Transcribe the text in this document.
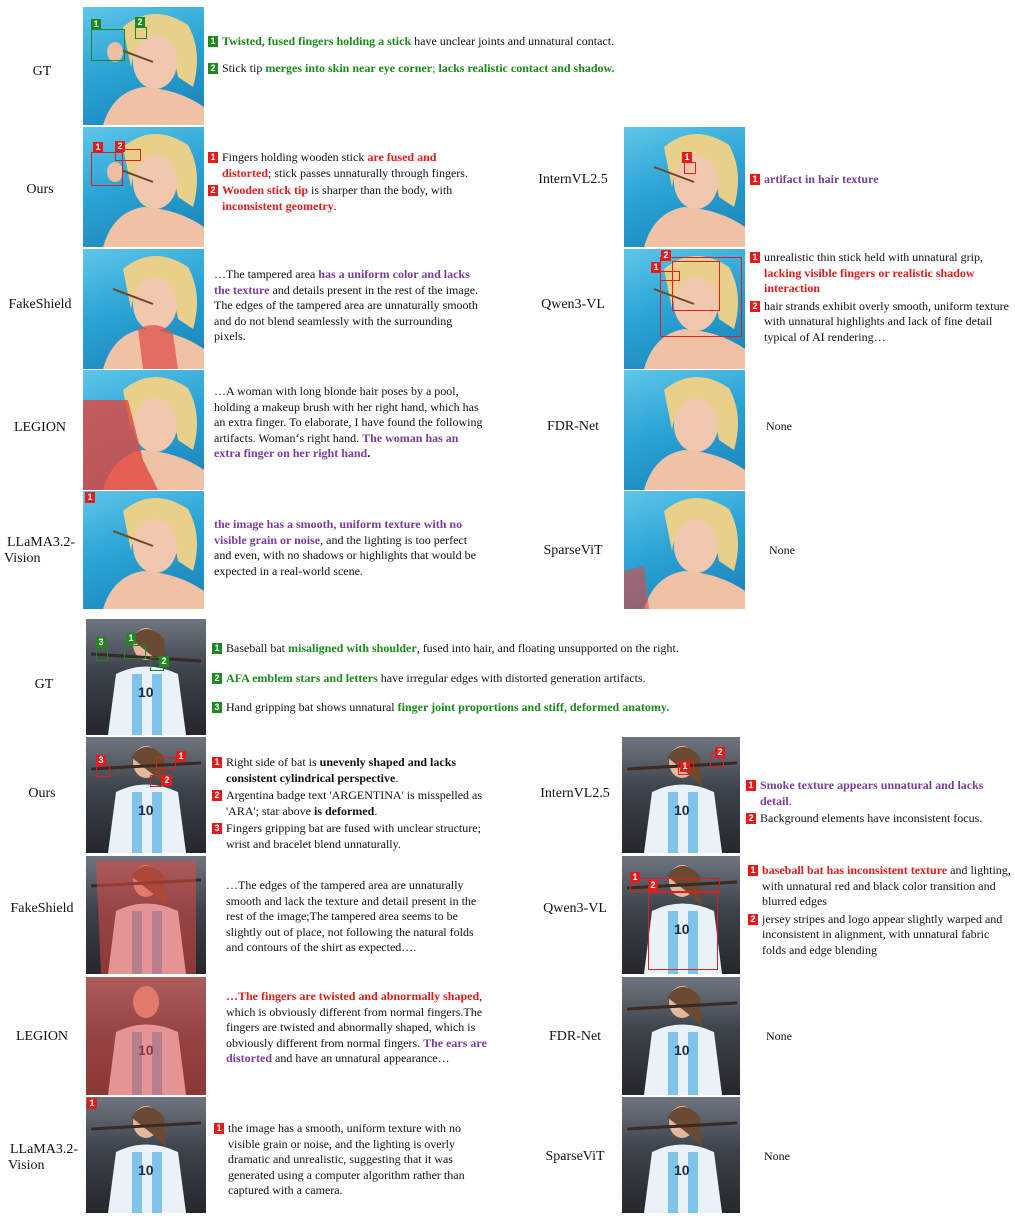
GT
Ours
FakeShield
LEGION
LLaMA3.2-
Vision
GT
Ours
FakeShield
LEGION
LLaMA3.2-
Vision
InternVL2.5
Qwen3-VL
FDR-Net
SparseViT
InternVL2.5
Qwen3-VL
FDR-Net
SparseViT
1	2
1 2
1
1
2
1
10
3	1
2
10
3	1
2
10
1
10
1
2
10
1
2
10
10
1 Twisted, fused fingers holding a stick have unclear joints and unnatural contact.
2 Stick tip merges into skin near eye corner; lacks realistic contact and shadow.
1 Fingers holding wooden stick are fused and distorted; stick passes unnaturally through fingers.
2 Wooden stick tip is sharper than the body, with inconsistent geometry.
…The tampered area has a uniform color and lacks the texture and details present in the rest of the image. The edges of the tampered area are unnaturally smooth and do not blend seamlessly with the surrounding pixels.
…A woman with long blonde hair poses by a pool, holding a makeup brush with her right hand, which has an extra finger. To elaborate, I have found the following artifacts. Woman‘s right hand. The woman has an extra finger on her right hand.
the image has a smooth, uniform texture with no visible grain or noise, and the lighting is too perfect and even, with no shadows or highlights that would be expected in a real-world scene.
1 artifact in hair texture
1 unrealistic thin stick held with unnatural grip, lacking visible fingers or realistic shadow interaction
2 hair strands exhibit overly smooth, uniform texture with unnatural highlights and lack of fine detail typical of AI rendering…
None
None
1 Baseball bat misaligned with shoulder, fused into hair, and floating unsupported on the right.
2 AFA emblem stars and letters have irregular edges with distorted generation artifacts.
3 Hand gripping bat shows unnatural finger joint proportions and stiff, deformed anatomy.
1 Right side of bat is unevenly shaped and lacks consistent cylindrical perspective.
2 Argentina badge text 'ARGENTINA' is misspelled as 'ARA'; star above is deformed.
3 Fingers gripping bat are fused with unclear structure; wrist and bracelet blend unnaturally.
…The edges of the tampered area are unnaturally smooth and lack the texture and detail present in the rest of the image;The tampered area seems to be slightly out of place, not following the natural folds and contours of the shirt as expected….
…The fingers are twisted and abnormally shaped, which is obviously different from normal fingers.The fingers are twisted and abnormally shaped, which is obviously different from normal fingers. The ears are distorted and have an unnatural appearance…
1 the image has a smooth, uniform texture with no visible grain or noise, and the lighting is overly dramatic and unrealistic, suggesting that it was generated using a computer algorithm rather than captured with a camera.
1 Smoke texture appears unnatural and lacks detail.
2 Background elements have inconsistent focus.
1 baseball bat has inconsistent texture and lighting, with unnatural red and black color transition and blurred edges
2 jersey stripes and logo appear slightly warped and inconsistent in alignment, with unnatural fabric folds and edge blending
None
None
